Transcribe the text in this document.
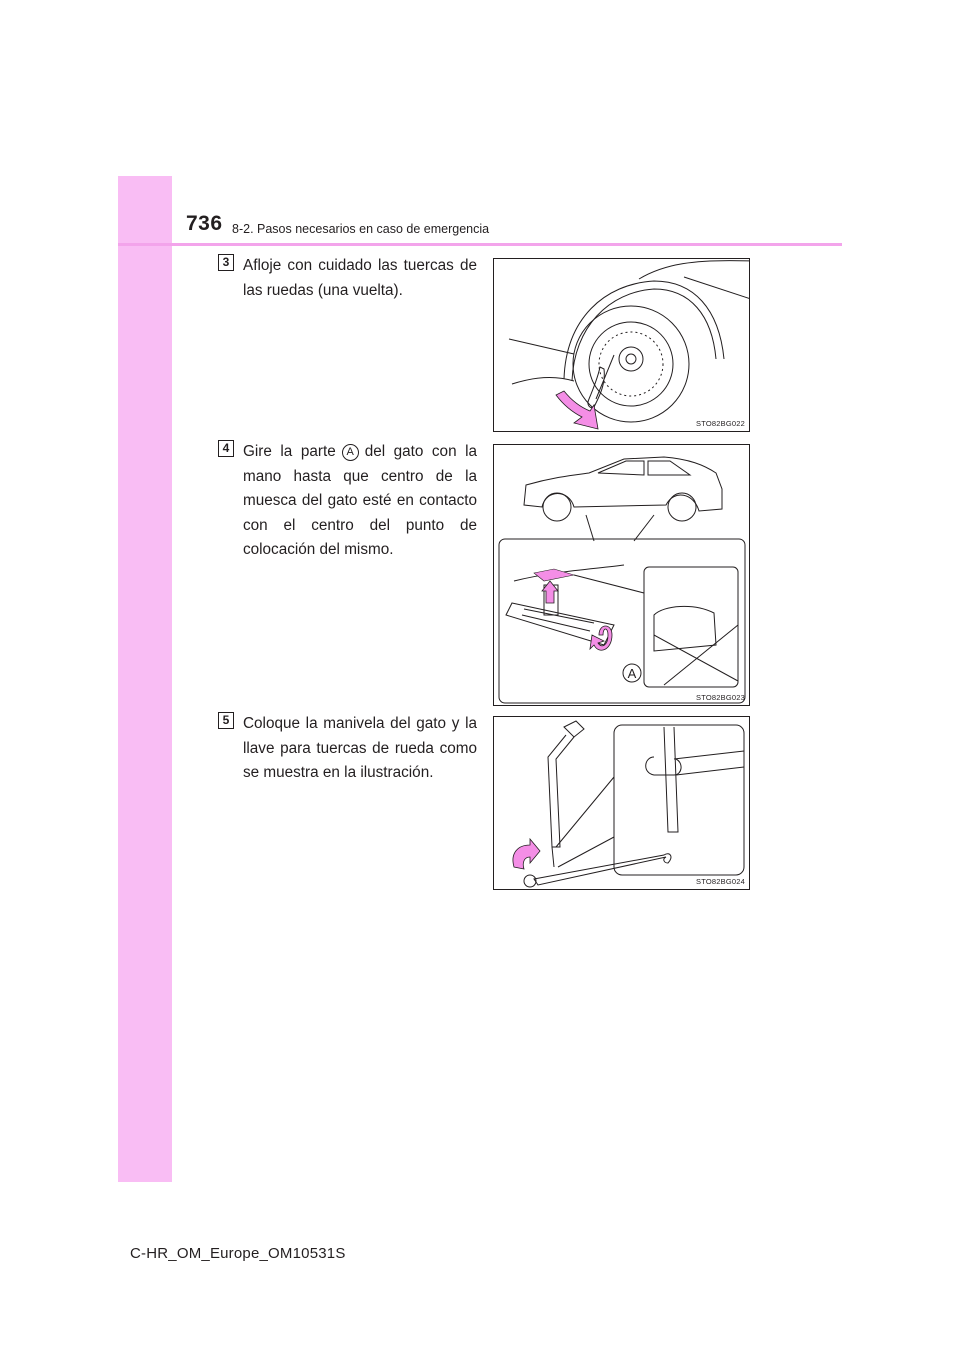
736 8-2. Pasos necesarios en caso de emergencia
3 Afloje con cuidado las tuercas de las ruedas (una vuelta).
STO82BG022
4 Gire la parte A del gato con la mano hasta que centro de la muesca del gato esté en contacto con el centro del punto de colocación del mismo.
A
STO82BG023
5 Coloque la manivela del gato y la llave para tuercas de rueda como se muestra en la ilustración.
STO82BG024
C-HR_OM_Europe_OM10531S
